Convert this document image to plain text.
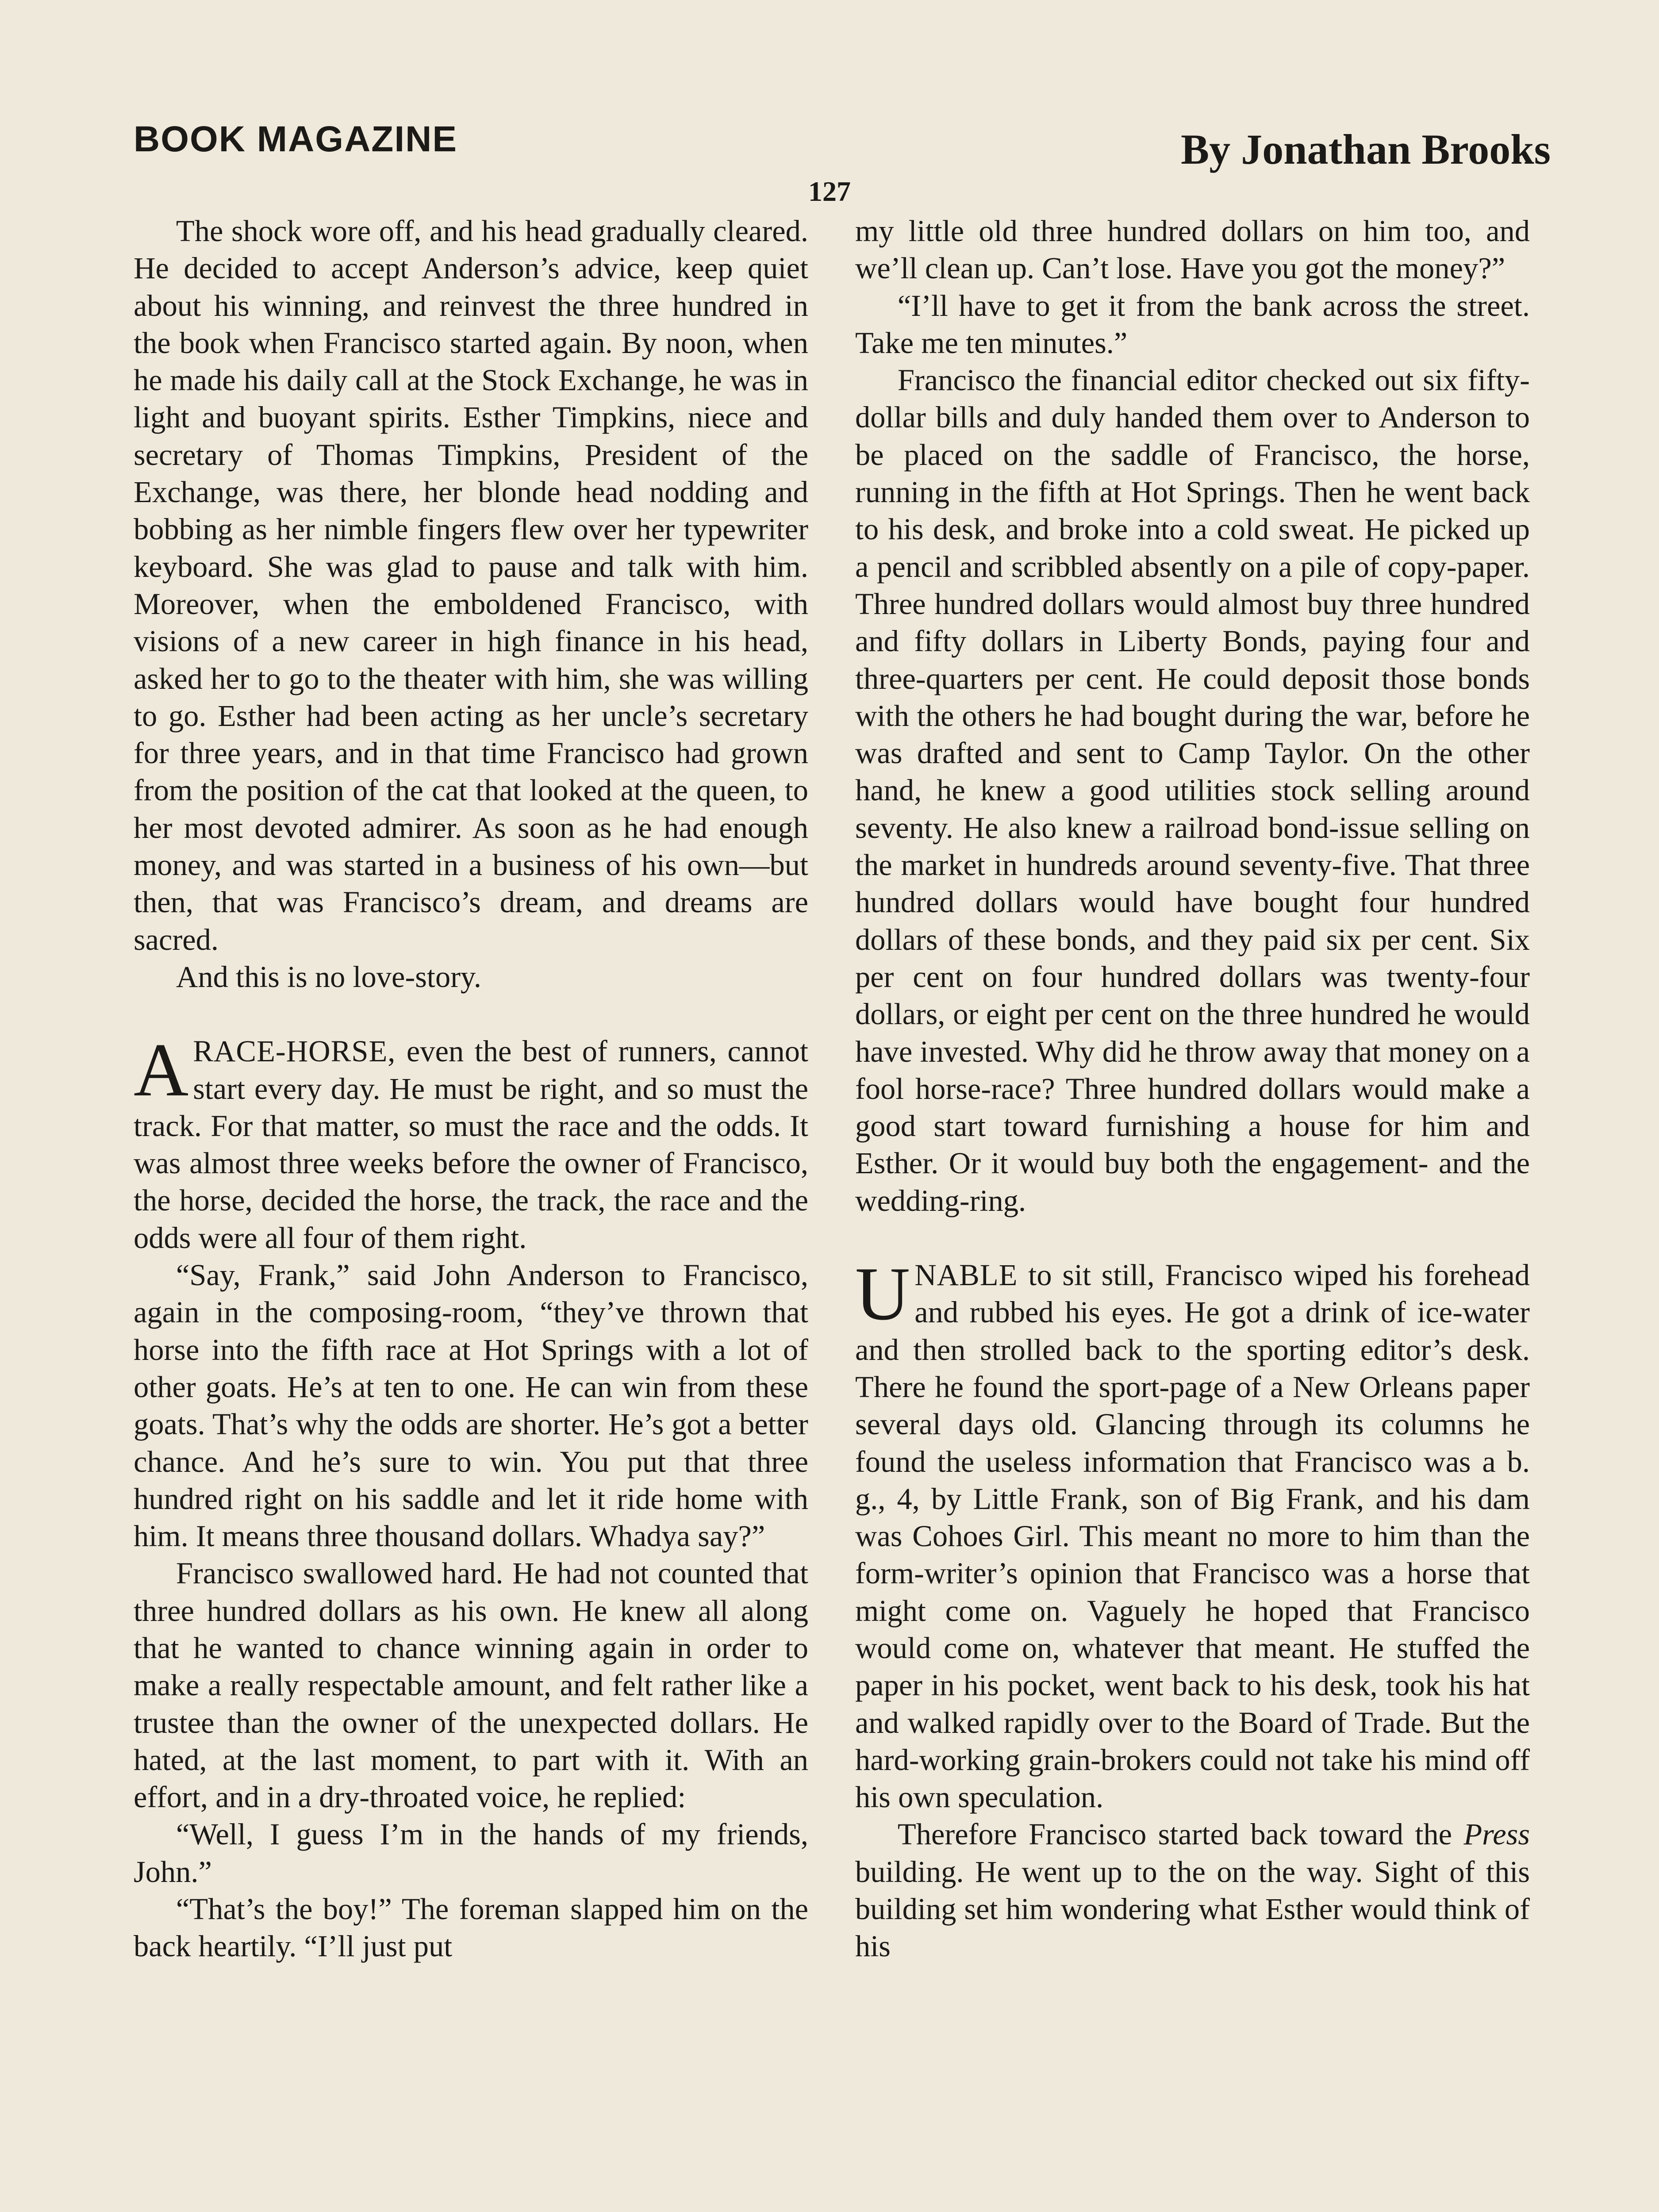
BOOK MAGAZINE	By Jonathan Brooks
127

The shock wore off, and his head gradually cleared. He decided to accept Anderson’s advice, keep quiet about his winning, and reinvest the three hundred in the book when Francisco started again. By noon, when he made his daily call at the Stock Exchange, he was in light and buoyant spirits. Esther Timpkins, niece and secretary of Thomas Timpkins, President of the Exchange, was there, her blonde head nodding and bobbing as her nimble fingers flew over her typewriter keyboard. She was glad to pause and talk with him. Moreover, when the emboldened Francisco, with visions of a new career in high finance in his head, asked her to go to the theater with him, she was willing to go. Esther had been acting as her uncle’s secretary for three years, and in that time Francisco had grown from the position of the cat that looked at the queen, to her most devoted admirer. As soon as he had enough money, and was started in a business of his own—but then, that was Francisco’s dream, and dreams are sacred.

And this is no love-story.

ARACE-HORSE, even the best of runners, cannot start every day. He must be right, and so must the track. For that matter, so must the race and the odds. It was almost three weeks before the owner of Francisco, the horse, decided the horse, the track, the race and the odds were all four of them right.

“Say, Frank,” said John Anderson to Francisco, again in the composing-room, “they’ve thrown that horse into the fifth race at Hot Springs with a lot of other goats. He’s at ten to one. He can win from these goats. That’s why the odds are shorter. He’s got a better chance. And he’s sure to win. You put that three hundred right on his saddle and let it ride home with him. It means three thousand dollars. Whadya say?”

Francisco swallowed hard. He had not counted that three hundred dollars as his own. He knew all along that he wanted to chance winning again in order to make a really respectable amount, and felt rather like a trustee than the owner of the unexpected dollars. He hated, at the last moment, to part with it. With an effort, and in a dry-throated voice, he replied:

“Well, I guess I’m in the hands of my friends, John.”

“That’s the boy!” The foreman slapped him on the back heartily. “I’ll just put

my little old three hundred dollars on him too, and we’ll clean up. Can’t lose. Have you got the money?”

“I’ll have to get it from the bank across the street. Take me ten minutes.”

Francisco the financial editor checked out six fifty-dollar bills and duly handed them over to Anderson to be placed on the saddle of Francisco, the horse, running in the fifth at Hot Springs. Then he went back to his desk, and broke into a cold sweat. He picked up a pencil and scribbled absently on a pile of copy-paper. Three hundred dollars would almost buy three hundred and fifty dollars in Liberty Bonds, paying four and three-quarters per cent. He could deposit those bonds with the others he had bought during the war, before he was drafted and sent to Camp Taylor. On the other hand, he knew a good utilities stock selling around seventy. He also knew a railroad bond-issue selling on the market in hundreds around seventy-five. That three hundred dollars would have bought four hundred dollars of these bonds, and they paid six per cent. Six per cent on four hundred dollars was twenty-four dollars, or eight per cent on the three hundred he would have invested. Why did he throw away that money on a fool horse-race? Three hundred dollars would make a good start toward furnishing a house for him and Esther. Or it would buy both the engagement- and the wedding-ring.

UNABLE to sit still, Francisco wiped his forehead and rubbed his eyes. He got a drink of ice-water and then strolled back to the sporting editor’s desk. There he found the sport-page of a New Orleans paper several days old. Glancing through its columns he found the useless information that Francisco was a b. g., 4, by Little Frank, son of Big Frank, and his dam was Cohoes Girl. This meant no more to him than the form-writer’s opinion that Francisco was a horse that might come on. Vaguely he hoped that Francisco would come on, whatever that meant. He stuffed the paper in his pocket, went back to his desk, took his hat and walked rapidly over to the Board of Trade. But the hard-working grain-brokers could not take his mind off his own speculation.

Therefore Francisco started back toward the Press building. He went up to the on the way. Sight of this building set him wondering what Esther would think of his
